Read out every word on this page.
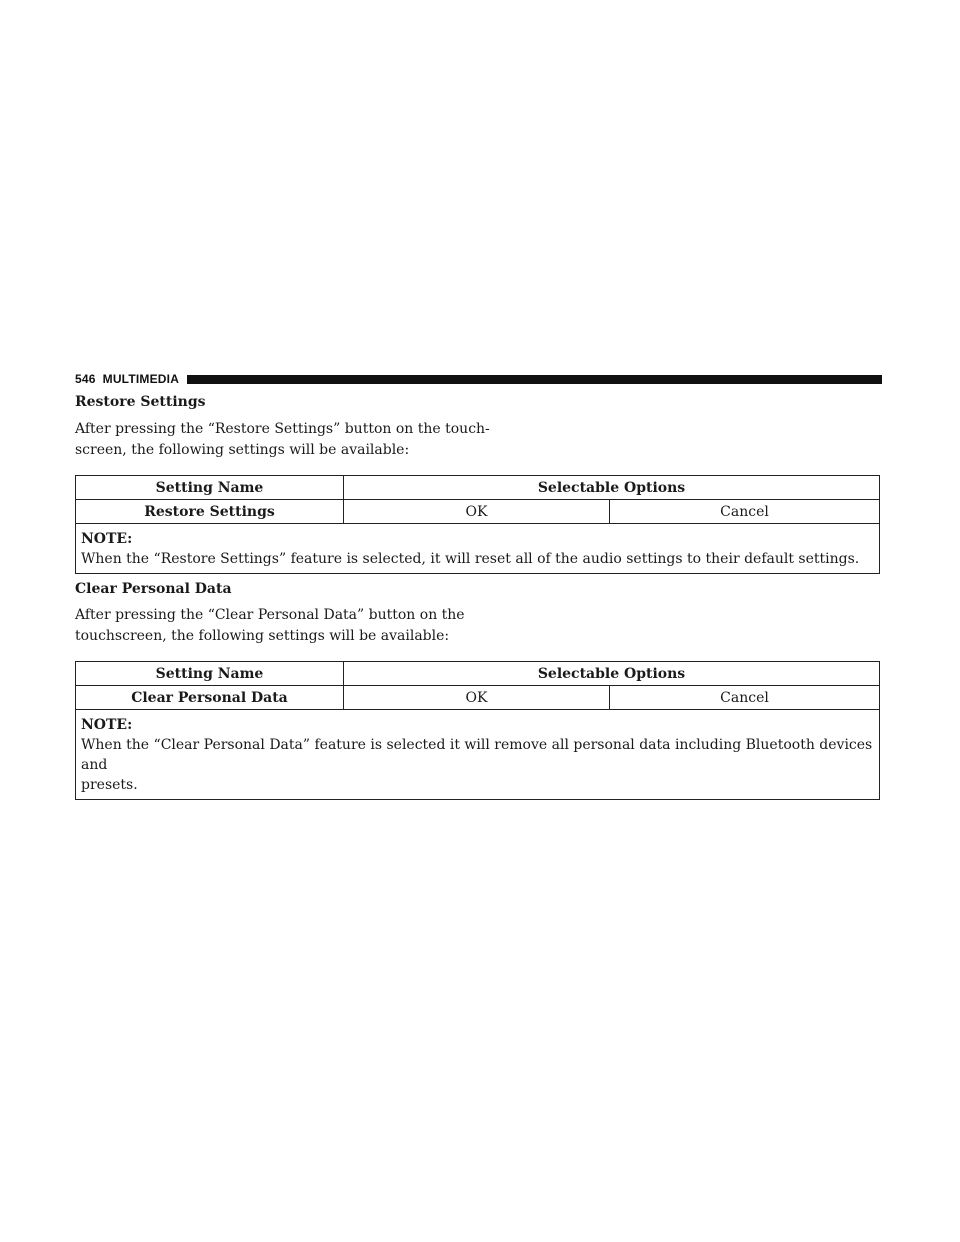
546 MULTIMEDIA
Restore Settings
After pressing the “Restore Settings” button on the touch-
screen, the following settings will be available:
Setting Name	Selectable Options
Restore Settings	OK	Cancel
NOTE:
When the “Restore Settings” feature is selected, it will reset all of the audio settings to their default settings.
Clear Personal Data
After pressing the “Clear Personal Data” button on the
touchscreen, the following settings will be available:
Setting Name	Selectable Options
Clear Personal Data	OK	Cancel
NOTE:
When the “Clear Personal Data” feature is selected it will remove all personal data including Bluetooth devices and
presets.
